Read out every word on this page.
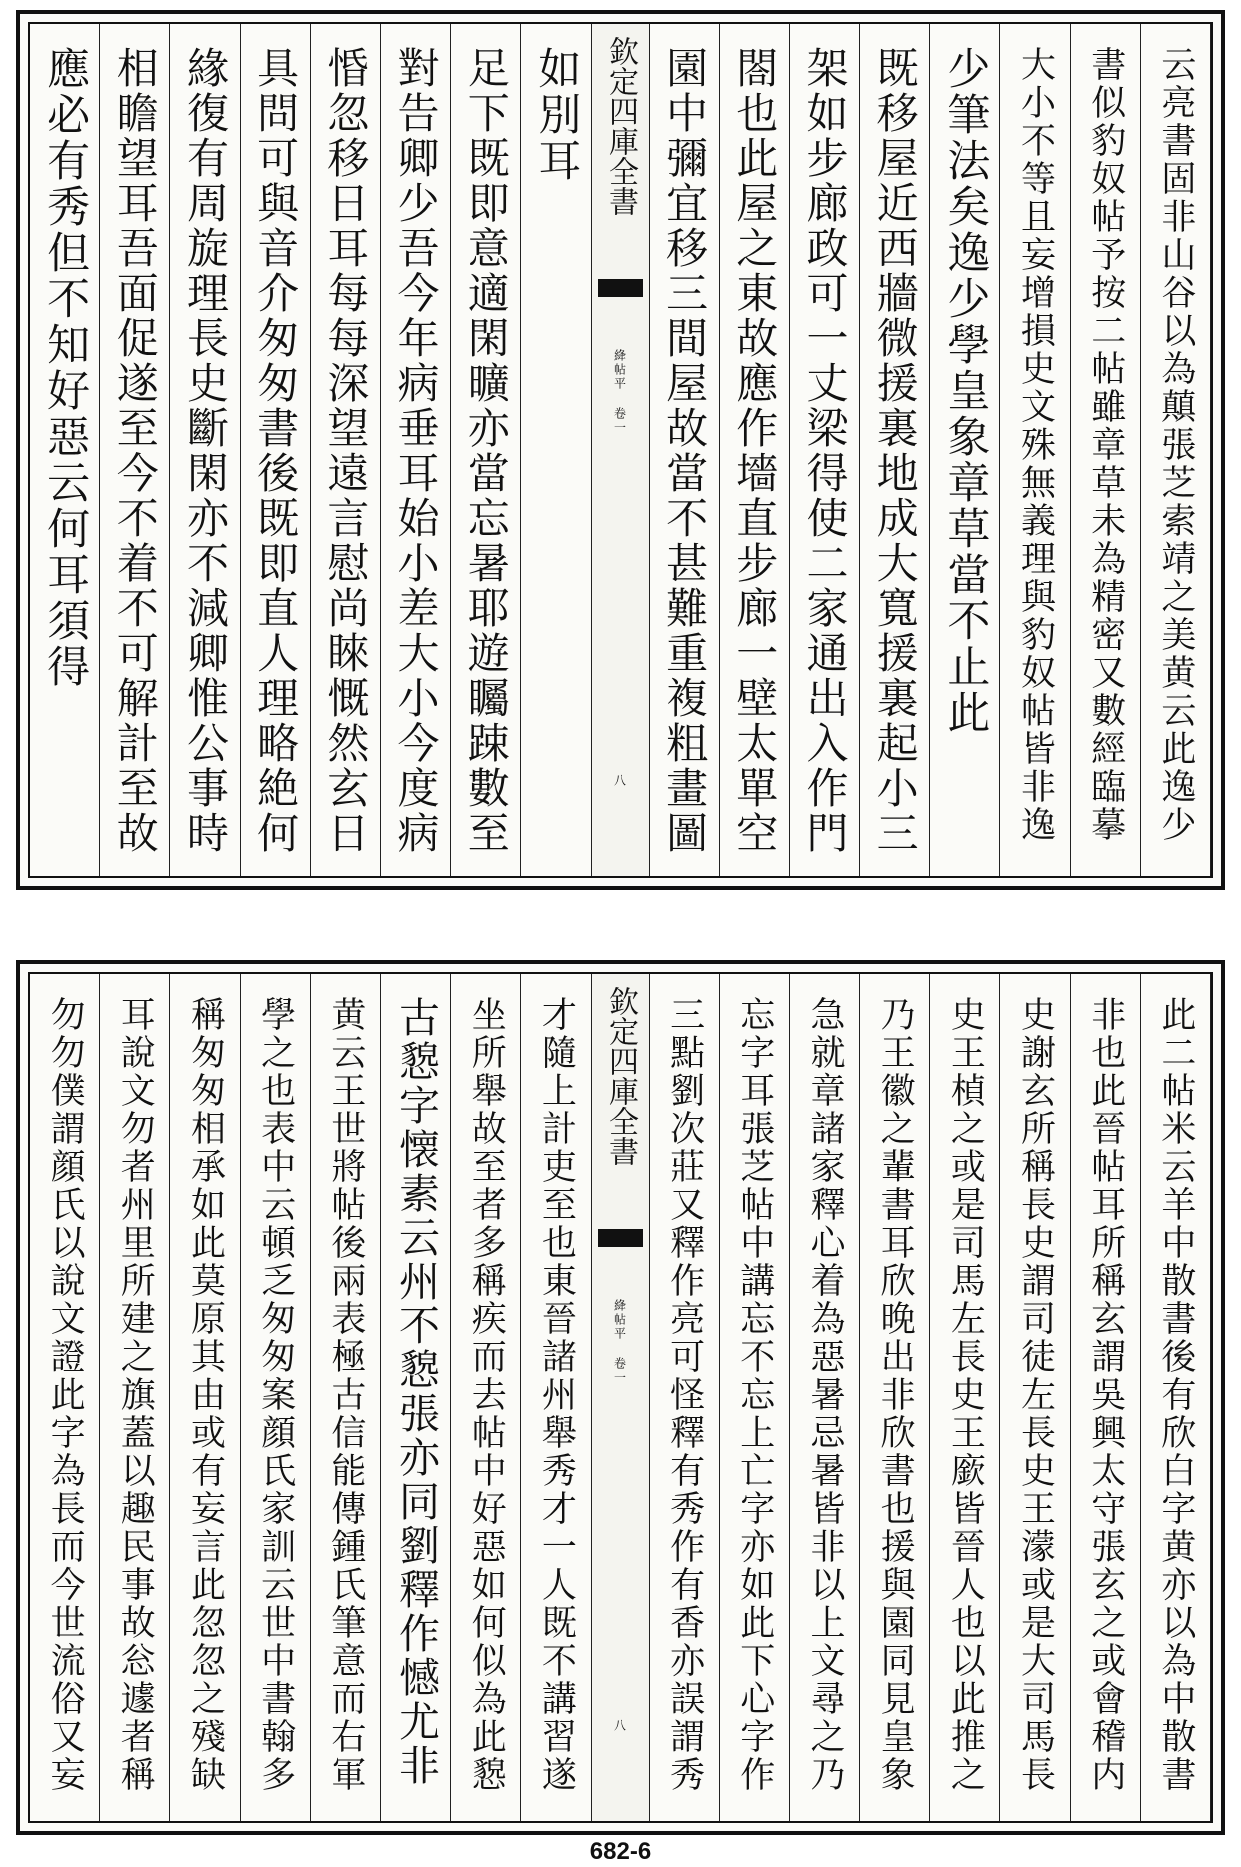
云亮書固非山谷以為㒹張芝索靖之美黄云此逸少
書似豹奴帖予按二帖雖章草未為精密又數經臨摹
大小不等且妄增損史文殊無義理與豹奴帖皆非逸
少筆法矣逸少學皇象章草當不止此
既移屋近西牆微援裏地成大寬援裏起小三
架如步廊政可一丈梁得使二家通出入作門
閤也此屋之東故應作墻直步廊一壁太單空
園中彌宜移三間屋故當不甚難重複粗畫圖
欽定四庫全書
絳帖平 卷一
八
如別耳
足下既即意適閑曠亦當忘暑耶遊矚踈數至
對告卿少吾今年病垂耳始小差大小今度病
惛忽移日耳每每深望遠言慰尚睞慨然玄日
具問可與音介匆匆書後既即直人理略絶何
緣復有周旋理長史斷閑亦不減卿惟公事時
相瞻望耳吾面促遂至今不着不可解計至故
應必有秀但不知好惡云何耳須得
此二帖米云羊中散書後有欣白字黄亦以為中散書
非也此晉帖耳所稱玄謂吳興太守張玄之或會稽内
史謝玄所稱長史謂司徒左長史王濛或是大司馬長
史王楨之或是司馬左長史王廞皆晉人也以此推之
乃王徽之輩書耳欣晚出非欣書也援與園同見皇象
急就章諸家釋心着為惡暑忌暑皆非以上文尋之乃
忘字耳張芝帖中講忘不忘上亡字亦如此下心字作
三點劉次莊又釋作亮可怪釋有秀作有香亦誤謂秀
欽定四庫全書
絳帖平 卷一
八
才隨上計吏至也東晉諸州舉秀才一人既不講習遂
坐所舉故至者多稱疾而去帖中好惡如何似為此㦝
古㦝字懐素云州不㦝張亦同劉釋作憾尤非
黄云王世將帖後兩表極古信能傳鍾氏筆意而右軍
學之也表中云頓乏匆匆案顔氏家訓云世中書翰多
稱匆匆相承如此莫原其由或有妄言此忽忽之殘缺
耳說文勿者州里所建之旗蓋以趣民事故忩遽者稱
勿勿僕謂顔氏以說文證此字為長而今世流俗又妄
682-6
